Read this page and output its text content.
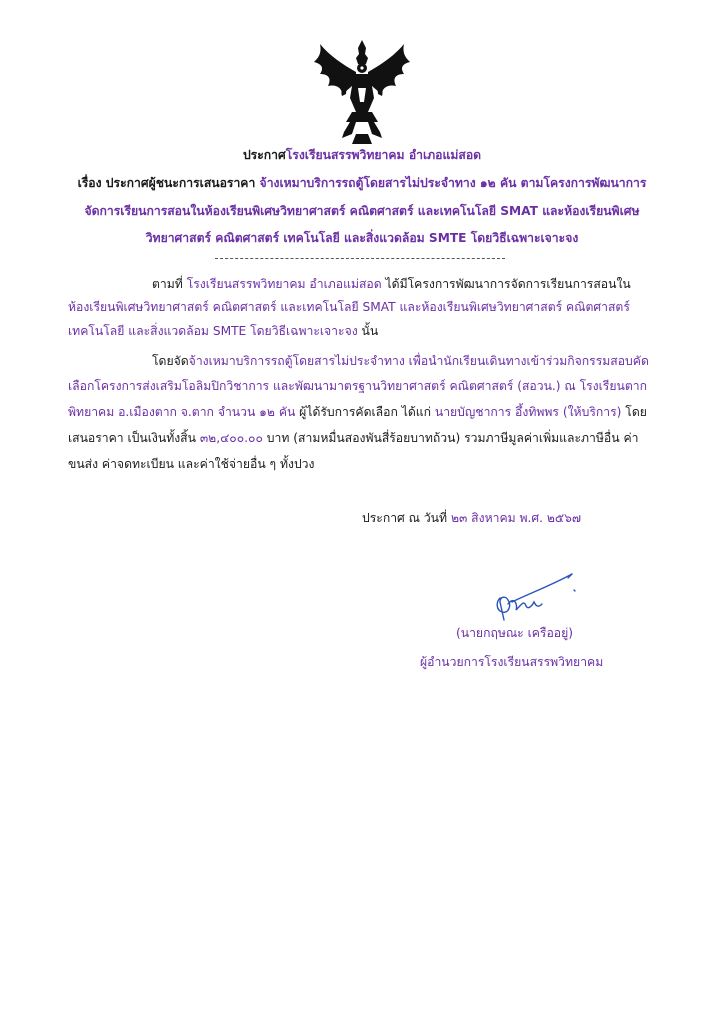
ประกาศโรงเรียนสรรพวิทยาคม อำเภอแม่สอด
เรื่อง ประกาศผู้ชนะการเสนอราคา จ้างเหมาบริการรถตู้โดยสารไม่ประจำทาง ๑๒ คัน ตามโครงการพัฒนาการ
จัดการเรียนการสอนในห้องเรียนพิเศษวิทยาศาสตร์ คณิตศาสตร์ และเทคโนโลยี SMAT และห้องเรียนพิเศษ
วิทยาศาสตร์ คณิตศาสตร์ เทคโนโลยี และสิ่งแวดล้อม SMTE โดยวิธีเฉพาะเจาะจง
ตามที่ โรงเรียนสรรพวิทยาคม อำเภอแม่สอด ได้มีโครงการพัฒนาการจัดการเรียนการสอนใน
ห้องเรียนพิเศษวิทยาศาสตร์ คณิตศาสตร์ และเทคโนโลยี SMAT และห้องเรียนพิเศษวิทยาศาสตร์ คณิตศาสตร์
เทคโนโลยี และสิ่งแวดล้อม SMTE โดยวิธีเฉพาะเจาะจง นั้น
โดยจัดจ้างเหมาบริการรถตู้โดยสารไม่ประจำทาง เพื่อนำนักเรียนเดินทางเข้าร่วมกิจกรรมสอบคัด
เลือกโครงการส่งเสริมโอลิมปิกวิชาการ และพัฒนามาตรฐานวิทยาศาสตร์ คณิตศาสตร์ (สอวน.) ณ โรงเรียนตาก
พิทยาคม อ.เมืองตาก จ.ตาก จำนวน ๑๒ คัน ผู้ได้รับการคัดเลือก ได้แก่ นายบัญชาการ อึ้งทิพพร (ให้บริการ) โดย
เสนอราคา เป็นเงินทั้งสิ้น ๓๒,๔๐๐.๐๐ บาท (สามหมื่นสองพันสี่ร้อยบาทถ้วน) รวมภาษีมูลค่าเพิ่มและภาษีอื่น ค่า
ขนส่ง ค่าจดทะเบียน และค่าใช้จ่ายอื่น ๆ ทั้งปวง
ประกาศ ณ วันที่ ๒๓ สิงหาคม พ.ศ. ๒๕๖๗
(นายกฤษณะ เครืออยู่)
ผู้อำนวยการโรงเรียนสรรพวิทยาคม
